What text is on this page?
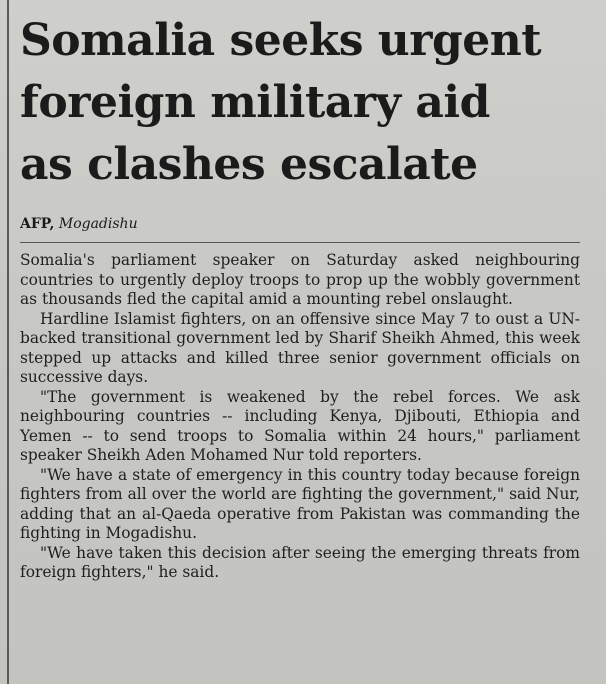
Somalia seeks urgent
foreign military aid
as clashes escalate
AFP, Mogadishu

Somalia's parliament speaker on Saturday asked neighbouring countries to urgently deploy troops to prop up the wobbly government as thousands fled the capital amid a mounting rebel onslaught.

Hardline Islamist fighters, on an offensive since May 7 to oust a UN-backed transitional government led by Sharif Sheikh Ahmed, this week stepped up attacks and killed three senior government officials on successive days.

"The government is weakened by the rebel forces. We ask neighbouring countries -- including Kenya, Djibouti, Ethiopia and Yemen -- to send troops to Somalia within 24 hours," parliament speaker Sheikh Aden Mohamed Nur told reporters.

"We have a state of emergency in this country today because foreign fighters from all over the world are fighting the government," said Nur, adding that an al-Qaeda operative from Pakistan was commanding the fighting in Mogadishu.

"We have taken this decision after seeing the emerging threats from foreign fighters," he said.
